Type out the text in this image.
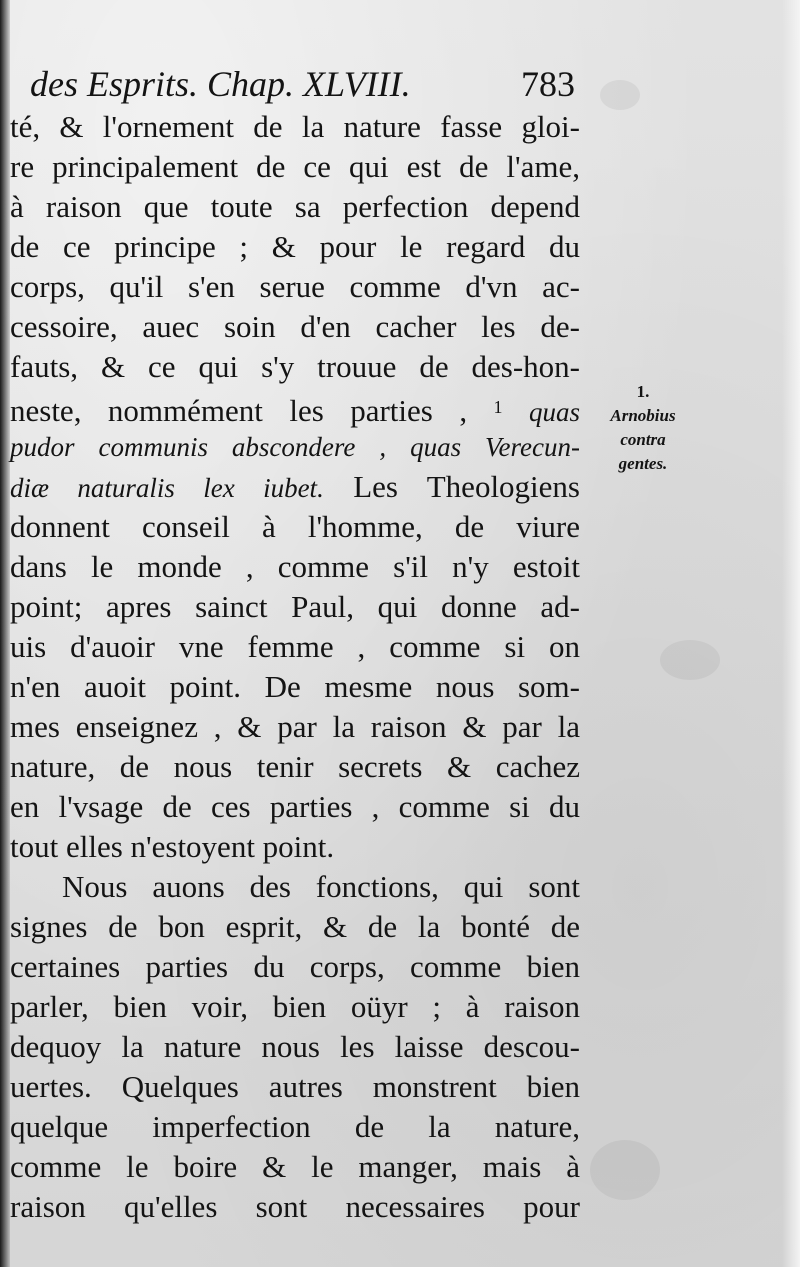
des Esprits. Chap. XLVIII.	783
té, & l'ornement de la nature fasse gloi-
re principalement de ce qui est de l'ame,
à raison que toute sa perfection depend
de ce principe ; & pour le regard du
corps, qu'il s'en serue comme d'vn ac-
cessoire, auec soin d'en cacher les de-
fauts, & ce qui s'y trouue de des-hon-
neste, nommément les parties , $^1$ quas
pudor communis abscondere , quas Verecun-
diæ naturalis lex iubet. Les Theologiens
donnent conseil à l'homme, de viure
dans le monde , comme s'il n'y estoit
point; apres sainct Paul, qui donne ad-
uis d'auoir vne femme , comme si on
n'en auoit point. De mesme nous som-
mes enseignez , & par la raison & par la
nature, de nous tenir secrets & cachez
en l'vsage de ces parties , comme si du
tout elles n'estoyent point.
Nous auons des fonctions, qui sont
signes de bon esprit, & de la bonté de
certaines parties du corps, comme bien
parler, bien voir, bien oüyr ; à raison
dequoy la nature nous les laisse descou-
uertes. Quelques autres monstrent bien
quelque imperfection de la nature,
comme le boire & le manger, mais à
raison qu'elles sont necessaires pour
1.
Arnobius
contra
gentes.
